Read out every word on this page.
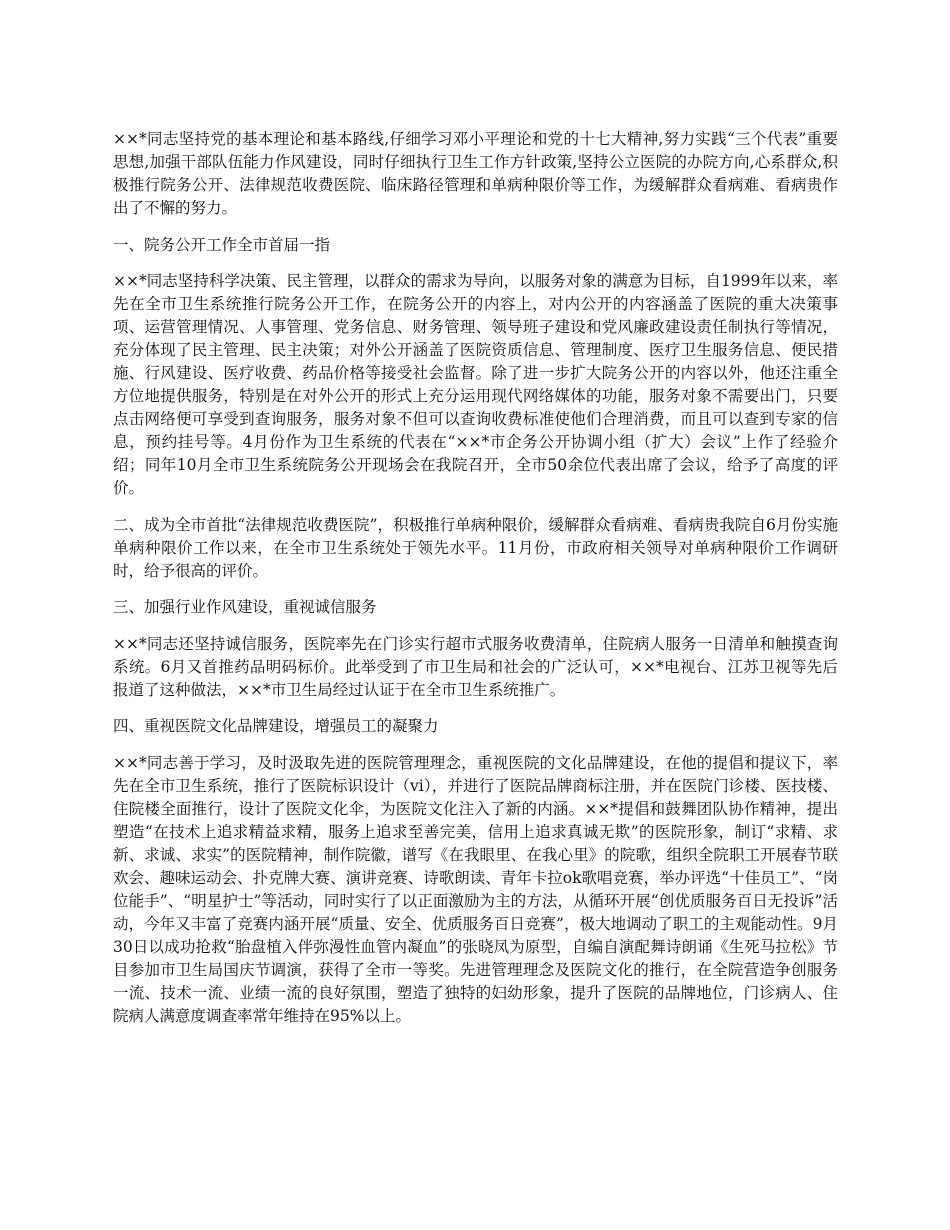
××*同志坚持党的基本理论和基本路线,仔细学习邓小平理论和党的十七大精神,努力实践“三个代表”重要思想,加强干部队伍能力作风建设，同时仔细执行卫生工作方针政策,坚持公立医院的办院方向,心系群众,积极推行院务公开、法律规范收费医院、临床路径管理和单病种限价等工作，为缓解群众看病难、看病贵作出了不懈的努力。

一、院务公开工作全市首届一指

××*同志坚持科学决策、民主管理，以群众的需求为导向，以服务对象的满意为目标，自1999年以来，率先在全市卫生系统推行院务公开工作，在院务公开的内容上，对内公开的内容涵盖了医院的重大决策事项、运营管理情况、人事管理、党务信息、财务管理、领导班子建设和党风廉政建设责任制执行等情况，充分体现了民主管理、民主决策；对外公开涵盖了医院资质信息、管理制度、医疗卫生服务信息、便民措施、行风建设、医疗收费、药品价格等接受社会监督。除了进一步扩大院务公开的内容以外，他还注重全方位地提供服务，特别是在对外公开的形式上充分运用现代网络媒体的功能，服务对象不需要出门，只要点击网络便可享受到查询服务，服务对象不但可以查询收费标准使他们合理消费，而且可以查到专家的信息，预约挂号等。4月份作为卫生系统的代表在“××*市企务公开协调小组（扩大）会议”上作了经验介绍；同年10月全市卫生系统院务公开现场会在我院召开，全市50余位代表出席了会议，给予了高度的评价。

二、成为全市首批“法律规范收费医院”，积极推行单病种限价，缓解群众看病难、看病贵我院自6月份实施单病种限价工作以来，在全市卫生系统处于领先水平。11月份，市政府相关领导对单病种限价工作调研时，给予很高的评价。

三、加强行业作风建设，重视诚信服务

××*同志还坚持诚信服务，医院率先在门诊实行超市式服务收费清单，住院病人服务一日清单和触摸查询系统。6月又首推药品明码标价。此举受到了市卫生局和社会的广泛认可，××*电视台、江苏卫视等先后报道了这种做法，××*市卫生局经过认证于在全市卫生系统推广。

四、重视医院文化品牌建设，增强员工的凝聚力

××*同志善于学习，及时汲取先进的医院管理理念，重视医院的文化品牌建设，在他的提倡和提议下，率先在全市卫生系统，推行了医院标识设计（vi），并进行了医院品牌商标注册，并在医院门诊楼、医技楼、住院楼全面推行，设计了医院文化伞，为医院文化注入了新的内涵。××*提倡和鼓舞团队协作精神，提出塑造“在技术上追求精益求精，服务上追求至善完美，信用上追求真诚无欺”的医院形象，制订“求精、求新、求诚、求实”的医院精神，制作院徽，谱写《在我眼里、在我心里》的院歌，组织全院职工开展春节联欢会、趣味运动会、扑克牌大赛、演讲竞赛、诗歌朗读、青年卡拉ok歌唱竞赛，举办评选“十佳员工”、“岗位能手”、“明星护士”等活动，同时实行了以正面激励为主的方法，从循环开展“创优质服务百日无投诉”活动，今年又丰富了竞赛内涵开展“质量、安全、优质服务百日竞赛”，极大地调动了职工的主观能动性。9月30日以成功抢救“胎盘植入伴弥漫性血管内凝血”的张晓凤为原型，自编自演配舞诗朗诵《生死马拉松》节目参加市卫生局国庆节调演，获得了全市一等奖。先进管理理念及医院文化的推行，在全院营造争创服务一流、技术一流、业绩一流的良好氛围，塑造了独特的妇幼形象，提升了医院的品牌地位，门诊病人、住院病人满意度调查率常年维持在95%以上。
